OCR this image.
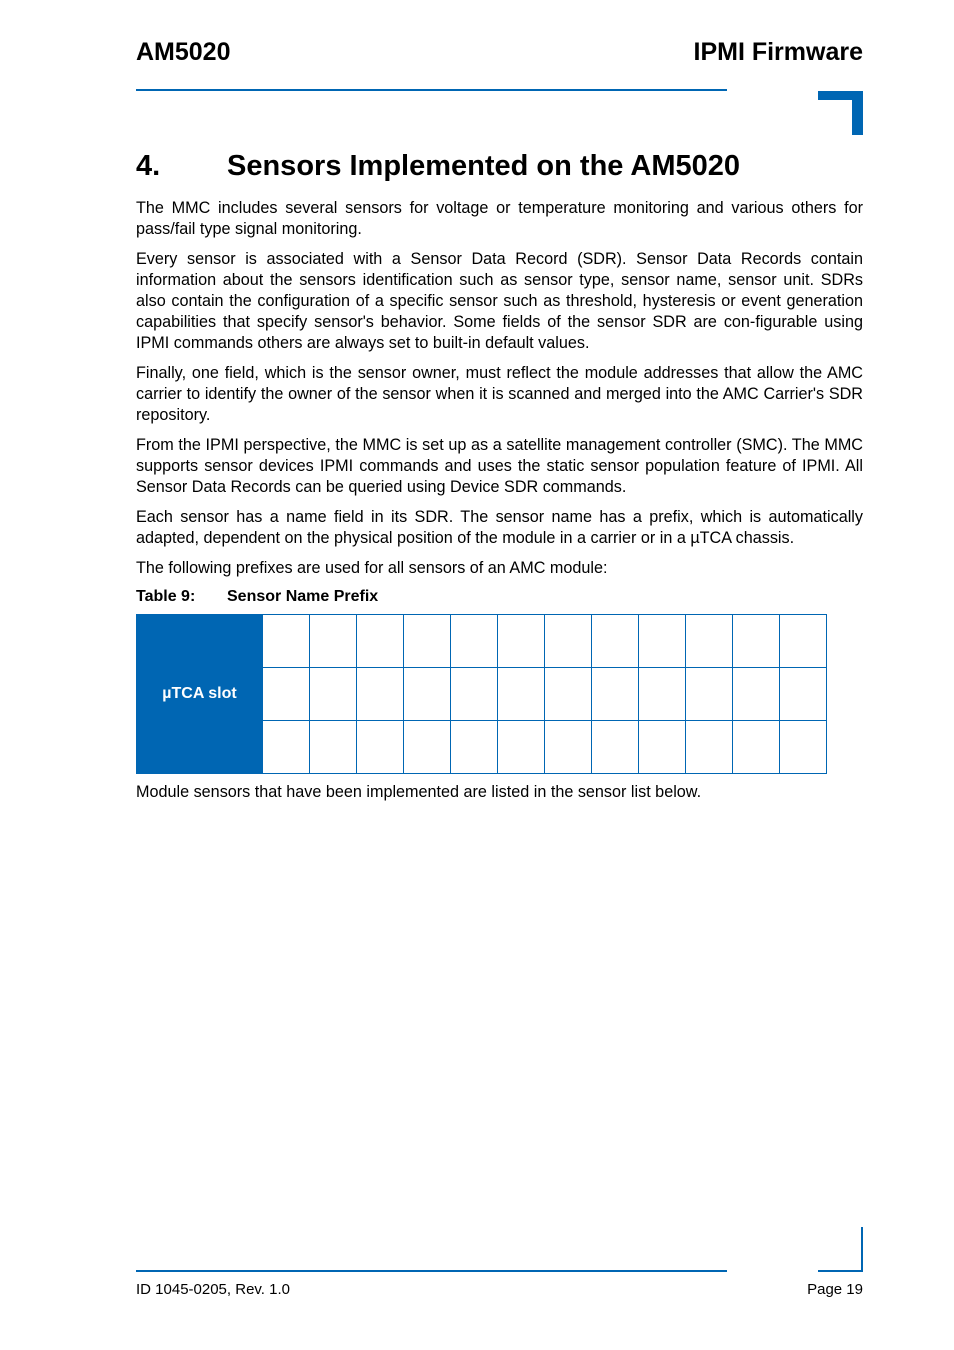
AM5020	IPMI Firmware
4. Sensors Implemented on the AM5020

The MMC includes several sensors for voltage or temperature monitoring and various others for pass/fail type signal monitoring.

Every sensor is associated with a Sensor Data Record (SDR). Sensor Data Records contain information about the sensors identification such as sensor type, sensor name, sensor unit. SDRs also contain the configuration of a specific sensor such as threshold, hysteresis or event generation capabilities that specify sensor's behavior. Some fields of the sensor SDR are con-figurable using IPMI commands others are always set to built-in default values.

Finally, one field, which is the sensor owner, must reflect the module addresses that allow the AMC carrier to identify the owner of the sensor when it is scanned and merged into the AMC Carrier's SDR repository.

From the IPMI perspective, the MMC is set up as a satellite management controller (SMC). The MMC supports sensor devices IPMI commands and uses the static sensor population feature of IPMI. All Sensor Data Records can be queried using Device SDR commands.

Each sensor has a name field in its SDR. The sensor name has a prefix, which is automatically adapted, dependent on the physical position of the module in a carrier or in a µTCA chassis.

The following prefixes are used for all sensors of an AMC module:

Table 9: Sensor Name Prefix

µTCA slot												

Module sensors that have been implemented are listed in the sensor list below.

ID 1045-0205, Rev. 1.0	Page 19
